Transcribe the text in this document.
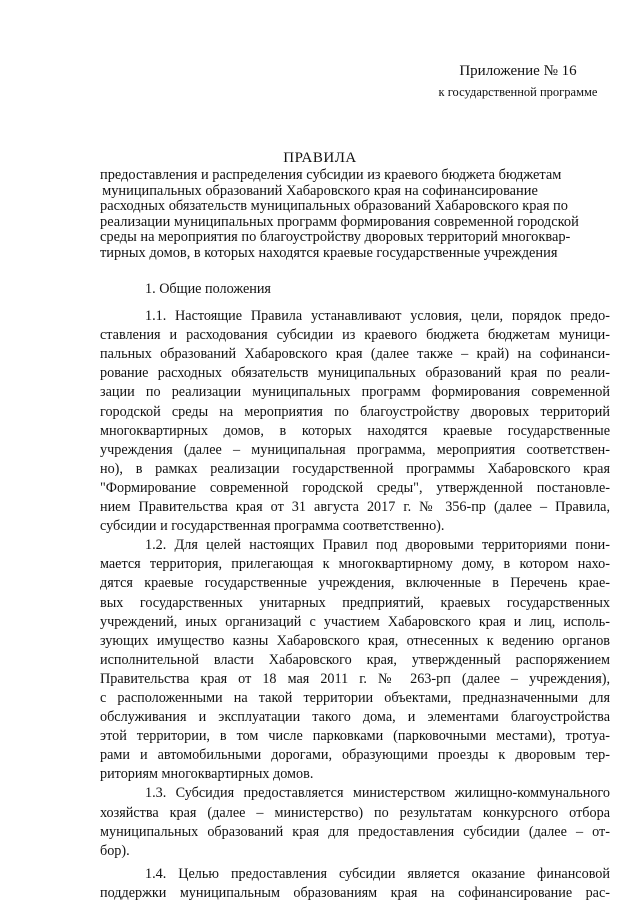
Приложение № 16
к государственной программе
ПРАВИЛА
предоставления и распределения субсидии из краевого бюджета бюджетам
муниципальных образований Хабаровского края на софинансирование
расходных обязательств муниципальных образований Хабаровского края по
реализации муниципальных программ формирования современной городской
среды на мероприятия по благоустройству дворовых территорий многоквар-
тирных домов, в которых находятся краевые государственные учреждения
1. Общие положения
1.1. Настоящие Правила устанавливают условия, цели, порядок предо-
ставления и расходования субсидии из краевого бюджета бюджетам муници-
пальных образований Хабаровского края (далее также – край) на софинанси-
рование расходных обязательств муниципальных образований края по реали-
зации по реализации муниципальных программ формирования современной
городской среды на мероприятия по благоустройству дворовых территорий
многоквартирных домов, в которых находятся краевые государственные
учреждения (далее – муниципальная программа, мероприятия соответствен-
но), в рамках реализации государственной программы Хабаровского края
"Формирование современной городской среды", утвержденной постановле-
нием Правительства края от 31 августа 2017 г. № 356-пр (далее – Правила,
субсидии и государственная программа соответственно).
1.2. Для целей настоящих Правил под дворовыми территориями пони-
мается территория, прилегающая к многоквартирному дому, в котором нахо-
дятся краевые государственные учреждения, включенные в Перечень крае-
вых государственных унитарных предприятий, краевых государственных
учреждений, иных организаций с участием Хабаровского края и лиц, исполь-
зующих имущество казны Хабаровского края, отнесенных к ведению органов
исполнительной власти Хабаровского края, утвержденный распоряжением
Правительства края от 18 мая 2011 г. № 263-рп (далее – учреждения),
с расположенными на такой территории объектами, предназначенными для
обслуживания и эксплуатации такого дома, и элементами благоустройства
этой территории, в том числе парковками (парковочными местами), тротуа-
рами и автомобильными дорогами, образующими проезды к дворовым тер-
риториям многоквартирных домов.
1.3. Субсидия предоставляется министерством жилищно-коммунального
хозяйства края (далее – министерство) по результатам конкурсного отбора
муниципальных образований края для предоставления субсидии (далее – от-
бор).
1.4. Целью предоставления субсидии является оказание финансовой
поддержки муниципальным образованиям края на софинансирование рас-
